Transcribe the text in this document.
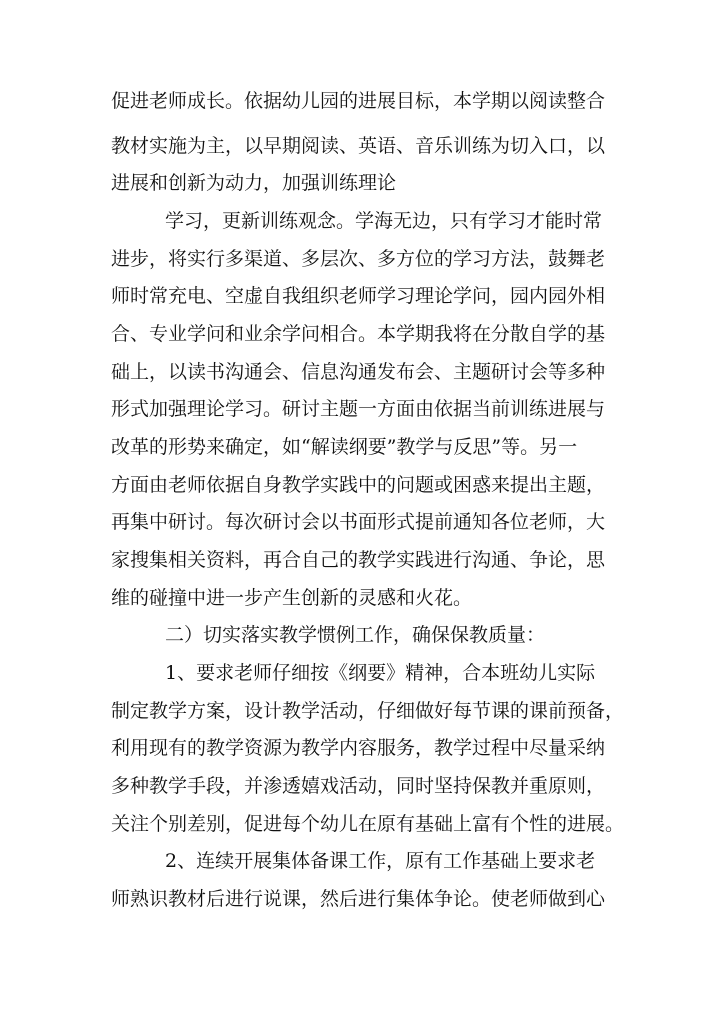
促进老师成长。依据幼儿园的进展目标，本学期以阅读整合
教材实施为主，以早期阅读、英语、音乐训练为切入口，以
进展和创新为动力，加强训练理论
学习，更新训练观念。学海无边，只有学习才能时常
进步，将实行多渠道、多层次、多方位的学习方法，鼓舞老
师时常充电、空虚自我组织老师学习理论学问，园内园外相
合、专业学问和业余学问相合。本学期我将在分散自学的基
础上，以读书沟通会、信息沟通发布会、主题研讨会等多种
形式加强理论学习。研讨主题一方面由依据当前训练进展与
改革的形势来确定，如“解读纲要”教学与反思”等。另一
方面由老师依据自身教学实践中的问题或困惑来提出主题，
再集中研讨。每次研讨会以书面形式提前通知各位老师，大
家搜集相关资料，再合自己的教学实践进行沟通、争论，思
维的碰撞中进一步产生创新的灵感和火花。
二）切实落实教学惯例工作，确保保教质量：
1、要求老师仔细按《纲要》精神，合本班幼儿实际
制定教学方案，设计教学活动，仔细做好每节课的课前预备，
利用现有的教学资源为教学内容服务，教学过程中尽量采纳
多种教学手段，并渗透嬉戏活动，同时坚持保教并重原则，
关注个别差别，促进每个幼儿在原有基础上富有个性的进展。
2、连续开展集体备课工作，原有工作基础上要求老
师熟识教材后进行说课，然后进行集体争论。使老师做到心
